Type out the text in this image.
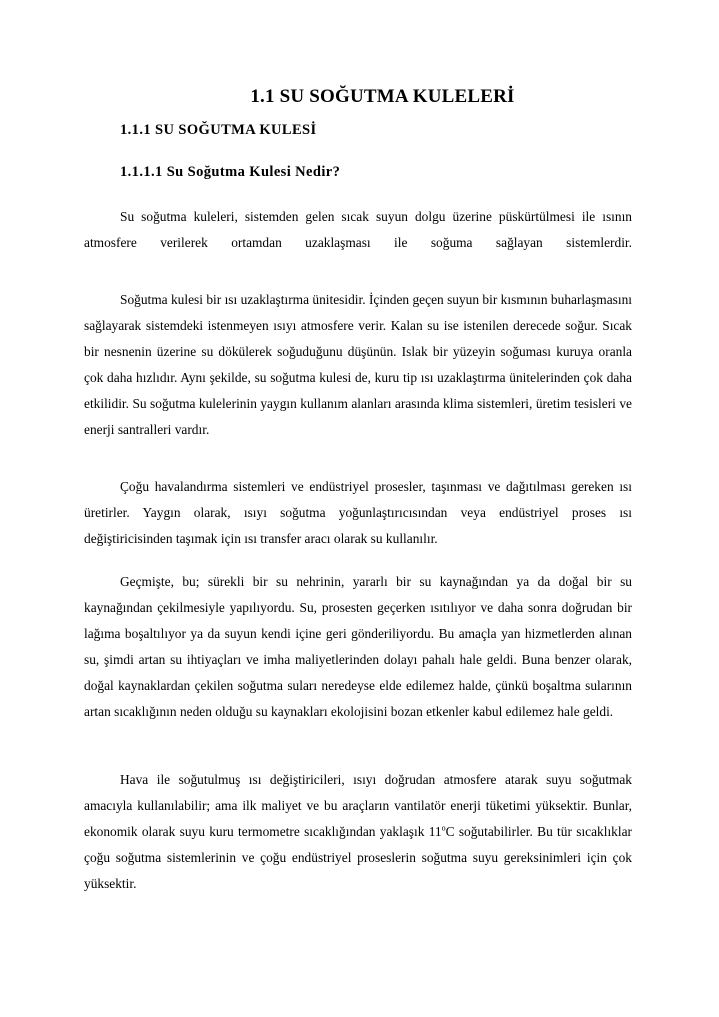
1.1 SU SOĞUTMA KULELERİ
1.1.1 SU SOĞUTMA KULESİ
1.1.1.1 Su Soğutma Kulesi Nedir?

Su soğutma kuleleri, sistemden gelen sıcak suyun dolgu üzerine püskürtülmesi ile ısının atmosfere verilerek ortamdan uzaklaşması ile soğuma sağlayan sistemlerdir.

Soğutma kulesi bir ısı uzaklaştırma ünitesidir. İçinden geçen suyun bir kısmının buharlaşmasını sağlayarak sistemdeki istenmeyen ısıyı atmosfere verir. Kalan su ise istenilen derecede soğur. Sıcak bir nesnenin üzerine su dökülerek soğuduğunu düşünün. Islak bir yüzeyin soğuması kuruya oranla çok daha hızlıdır. Aynı şekilde, su soğutma kulesi de, kuru tip ısı uzaklaştırma ünitelerinden çok daha etkilidir. Su soğutma kulelerinin yaygın kullanım alanları arasında klima sistemleri, üretim tesisleri ve enerji santralleri vardır.

Çoğu havalandırma sistemleri ve endüstriyel prosesler, taşınması ve dağıtılması gereken ısı üretirler. Yaygın olarak, ısıyı soğutma yoğunlaştırıcısından veya endüstriyel proses ısı değiştiricisinden taşımak için ısı transfer aracı olarak su kullanılır.

Geçmişte, bu; sürekli bir su nehrinin, yararlı bir su kaynağından ya da doğal bir su kaynağından çekilmesiyle yapılıyordu. Su, prosesten geçerken ısıtılıyor ve daha sonra doğrudan bir lağıma boşaltılıyor ya da suyun kendi içine geri gönderiliyordu. Bu amaçla yan hizmetlerden alınan su, şimdi artan su ihtiyaçları ve imha maliyetlerinden dolayı pahalı hale geldi. Buna benzer olarak, doğal kaynaklardan çekilen soğutma suları neredeyse elde edilemez halde, çünkü boşaltma sularının artan sıcaklığının neden olduğu su kaynakları ekolojisini bozan etkenler kabul edilemez hale geldi.

Hava ile soğutulmuş ısı değiştiricileri, ısıyı doğrudan atmosfere atarak suyu soğutmak amacıyla kullanılabilir; ama ilk maliyet ve bu araçların vantilatör enerji tüketimi yüksektir. Bunlar, ekonomik olarak suyu kuru termometre sıcaklığından yaklaşık 11$^o$C soğutabilirler. Bu tür sıcaklıklar çoğu soğutma sistemlerinin ve çoğu endüstriyel proseslerin soğutma suyu gereksinimleri için çok yüksektir.
